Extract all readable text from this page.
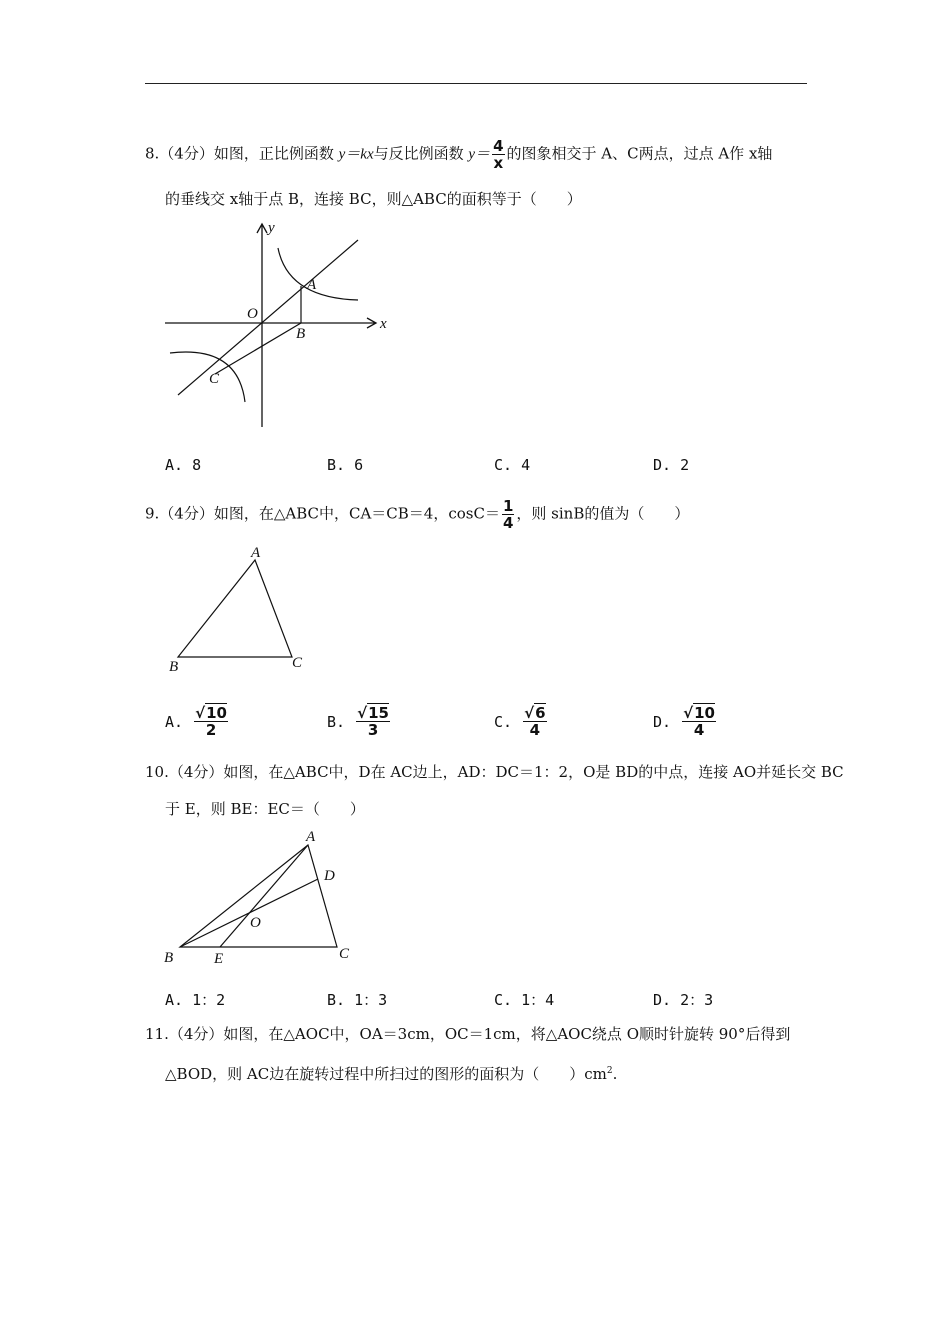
8.（4分）如图，正比例函数 y＝kx与反比例函数 $y= \frac{4}{x}$ 的图象相交于 A、C两点，过点 A作 x轴
的垂线交 x轴于点 B，连接 BC，则△ABC的面积等于（　　）
y
x
O
A
B
C
A. 8	B. 6	C. 4	D. 2
9.（4分）如图，在△ABC中，CA＝CB＝4，$\cos C= \frac{1}{4}$ ，则 sinB的值为（　　）
A
B	C
A. $\frac{√10}{2}$	B. $\frac{√15}{3}$	C. $\frac{√6}{4}$	D. $\frac{√10}{4}$
10.（4分）如图，在△ABC中，D在 AC边上，AD：DC＝1：2，O是 BD的中点，连接 AO并延长交 BC
于 E，则 BE：EC＝（　　）
A
D
O
B	E	C
A. 1：2	B. 1：3	C. 1：4	D. 2：3
11.（4分）如图，在△AOC中，OA＝3cm，OC＝1cm，将△AOC绕点 O顺时针旋转 90°后得到
△BOD，则 AC边在旋转过程中所扫过的图形的面积为（　　）$cm^2$.
